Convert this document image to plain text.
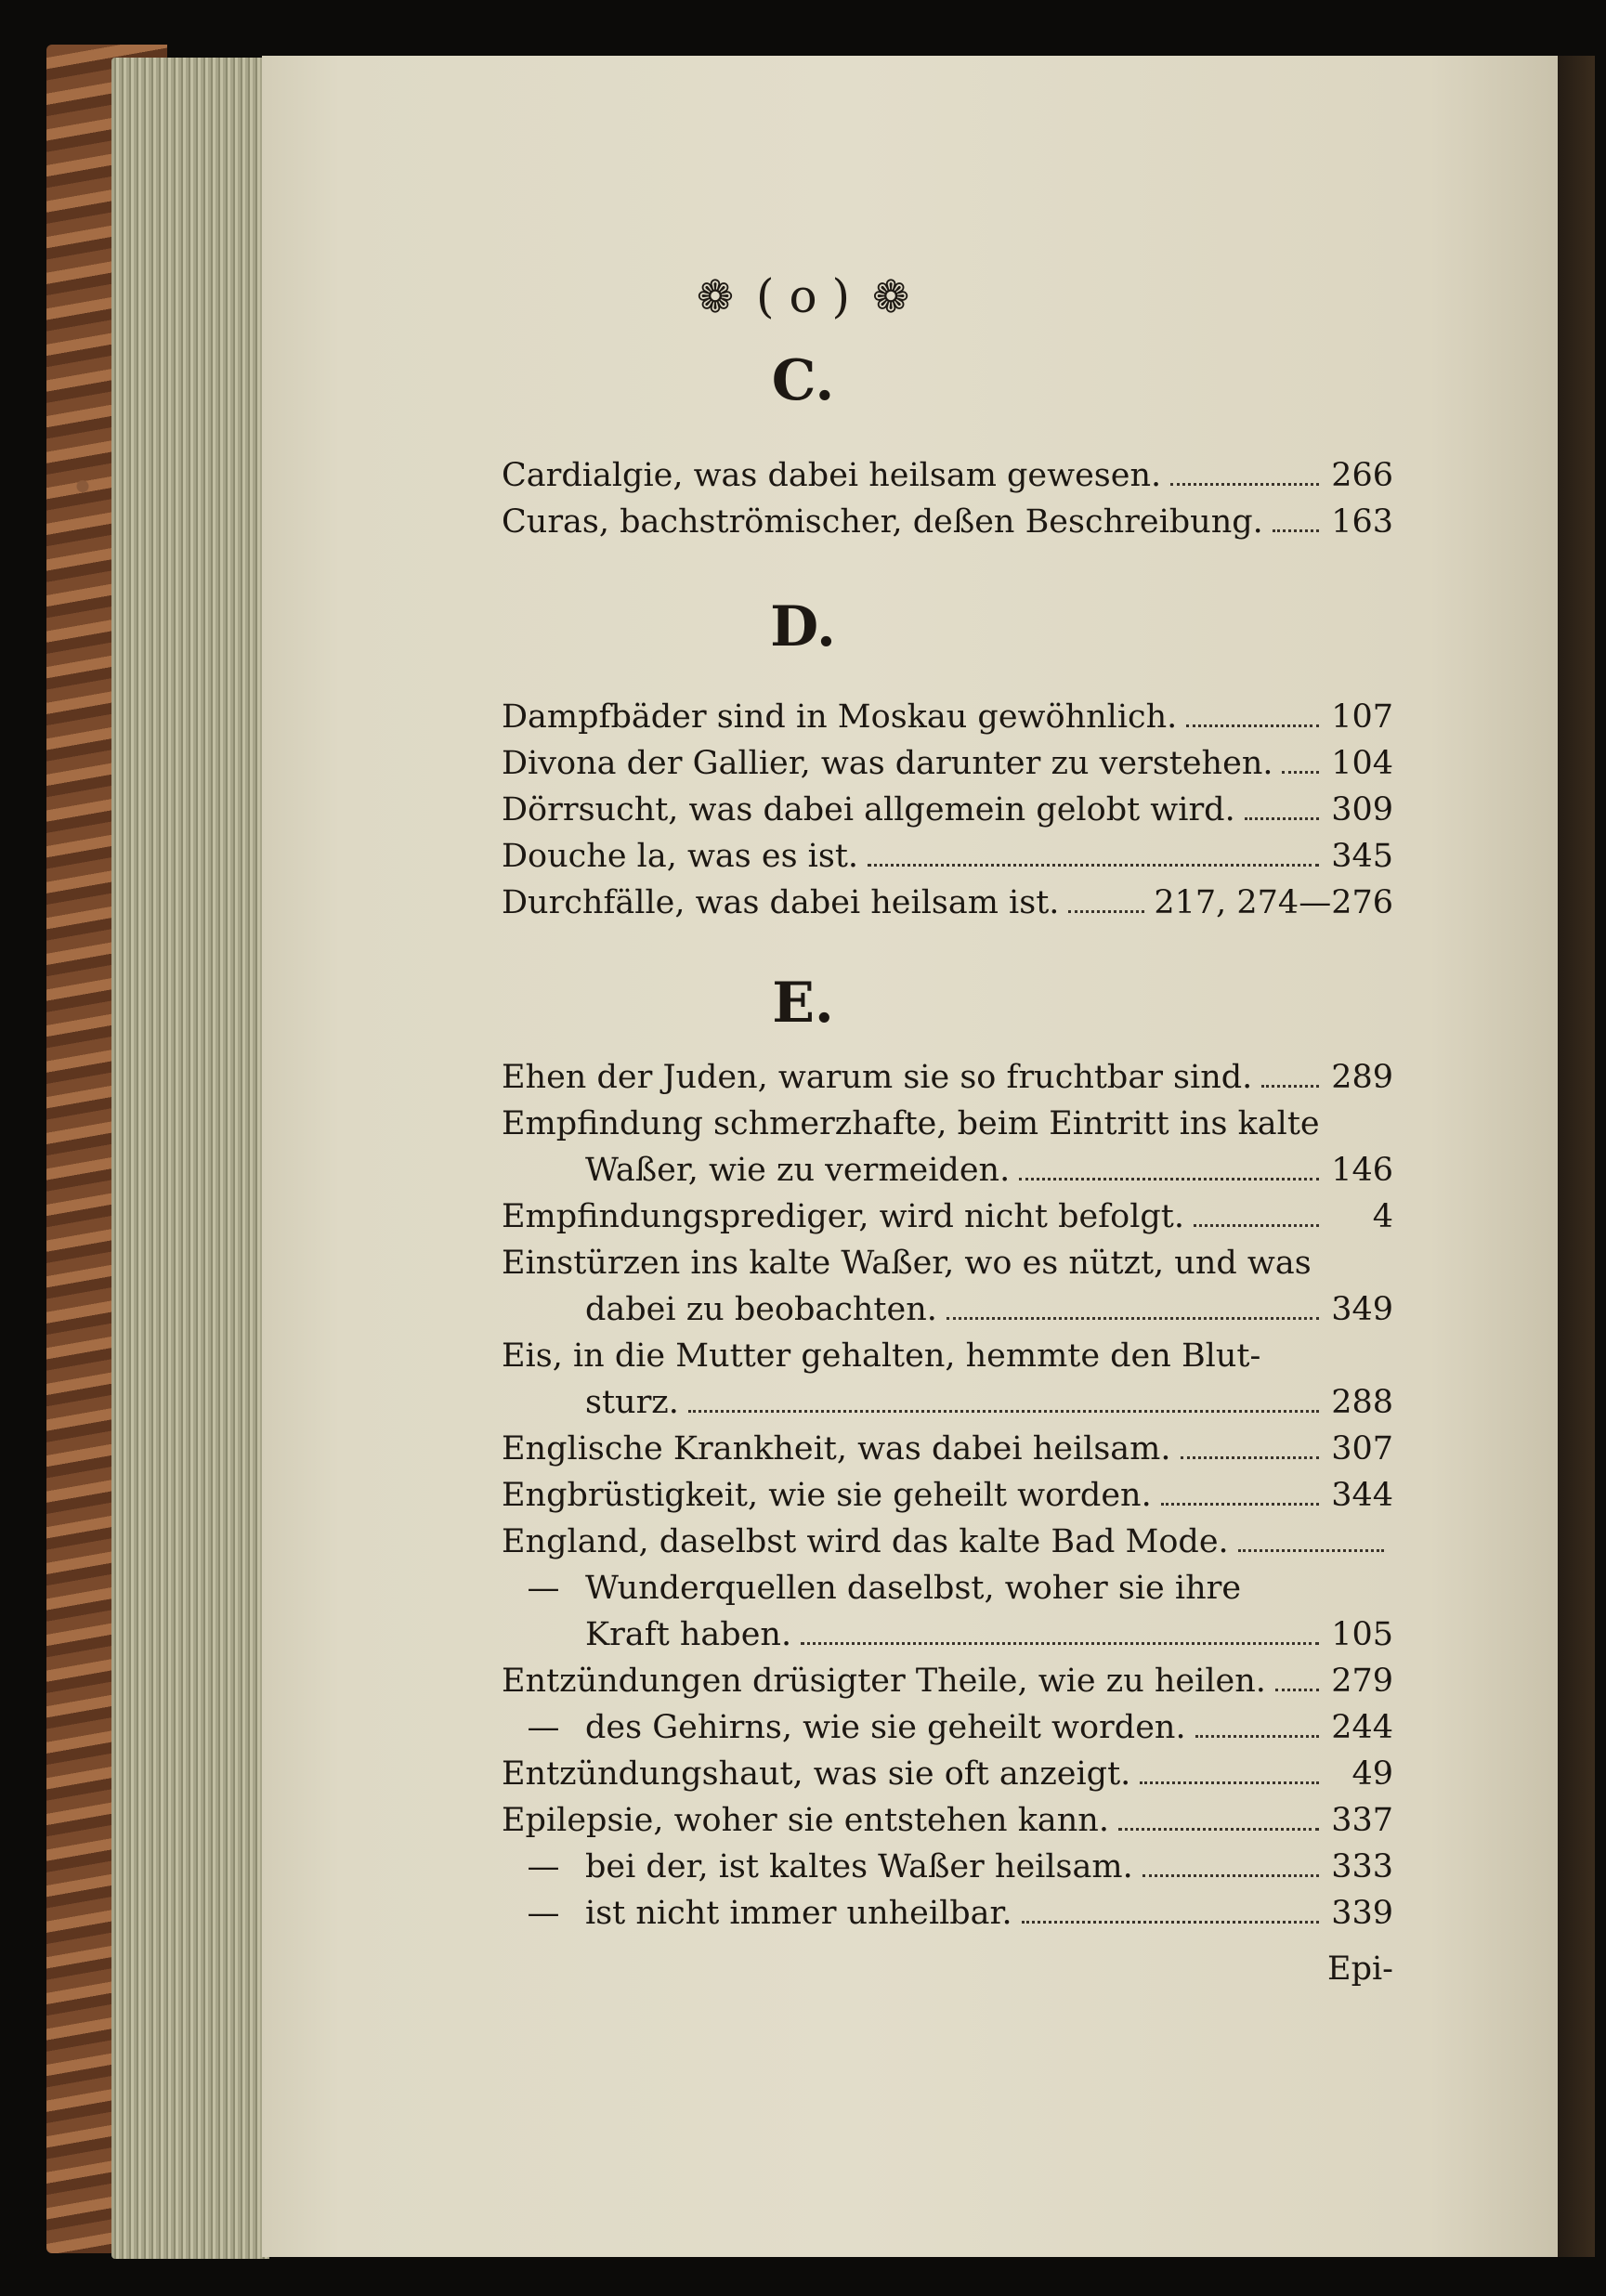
❁ ( o ) ❁
C.
Cardialgie, was dabei heilsam gewesen.	266
Curas, bachströmischer, deßen Beschreibung. 163
D.
Dampfbäder sind in Moskau gewöhnlich.	107
Divona der Gallier, was darunter zu verstehen. 104
Dörrsucht, was dabei allgemein gelobt wird.	309
Douche la, was es ist.	345
Durchfälle, was dabei heilsam ist.	217, 274—276
E.
Ehen der Juden, warum sie so fruchtbar sind. 289
Empfindung schmerzhafte, beim Eintritt ins kalte
Waßer, wie zu vermeiden.	146
Empfindungsprediger, wird nicht befolgt.	4
Einstürzen ins kalte Waßer, wo es nützt, und was
dabei zu beobachten.	349
Eis, in die Mutter gehalten, hemmte den Blut-
sturz.	288
Englische Krankheit, was dabei heilsam.	307
Engbrüstigkeit, wie sie geheilt worden.	344
England, daselbst wird das kalte Bad Mode.
— Wunderquellen daselbst, woher sie ihre
Kraft haben.	105
Entzündungen drüsigter Theile, wie zu heilen. 279
— des Gehirns, wie sie geheilt worden.	244
Entzündungshaut, was sie oft anzeigt.	49
Epilepsie, woher sie entstehen kann.	337
— bei der, ist kaltes Waßer heilsam.	333
— ist nicht immer unheilbar.	339
Epi-
